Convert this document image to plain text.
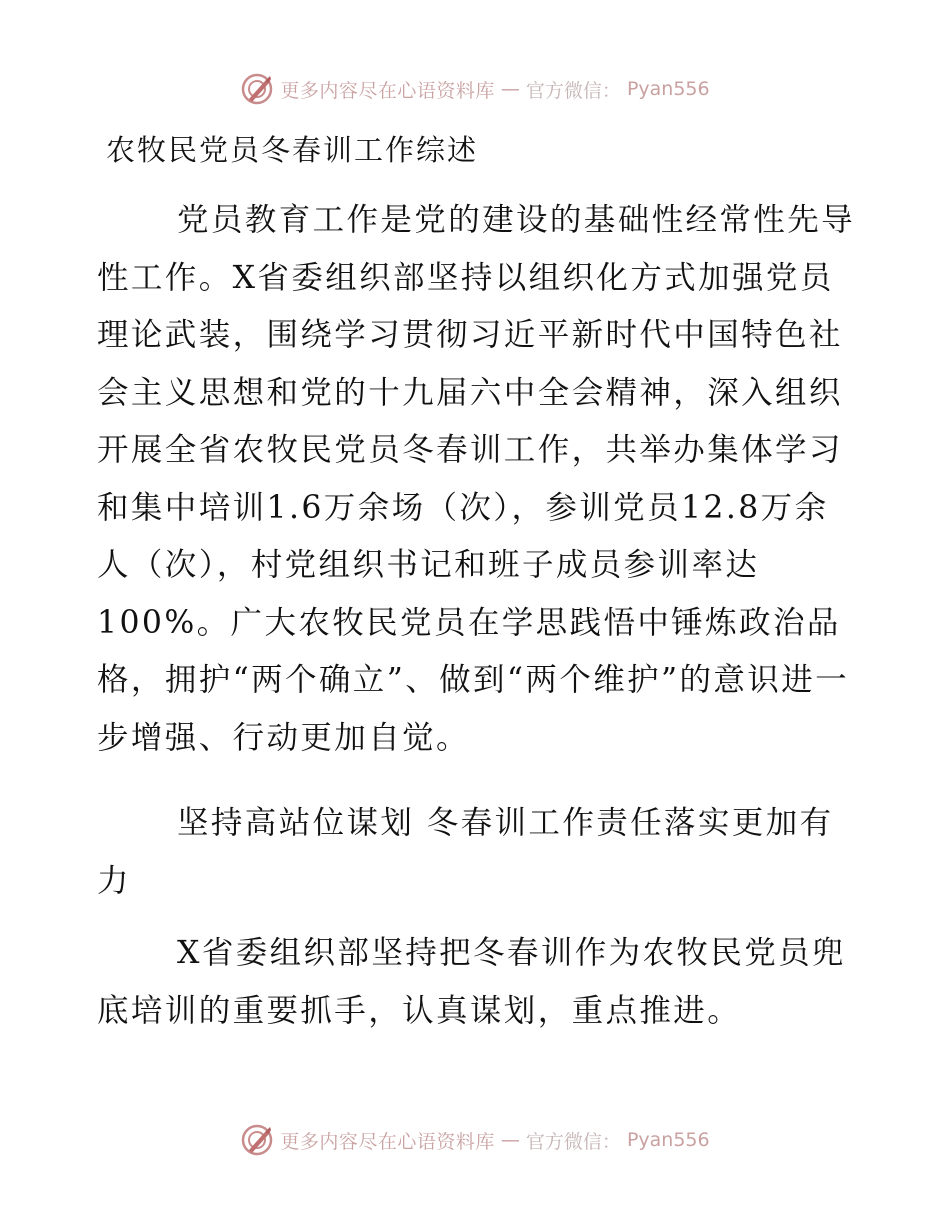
更多内容尽在心语资料库 — 官方微信： Pyan556
农牧民党员冬春训工作综述

党员教育工作是党的建设的基础性经常性先导性工作。X省委组织部坚持以组织化方式加强党员理论武装，围绕学习贯彻习近平新时代中国特色社会主义思想和党的十九届六中全会精神，深入组织开展全省农牧民党员冬春训工作，共举办集体学习和集中培训1.6万余场（次），参训党员12.8万余人（次），村党组织书记和班子成员参训率达100%。广大农牧民党员在学思践悟中锤炼政治品格，拥护“两个确立”、做到“两个维护”的意识进一步增强、行动更加自觉。

坚持高站位谋划 冬春训工作责任落实更加有力

X省委组织部坚持把冬春训作为农牧民党员兜底培训的重要抓手，认真谋划，重点推进。

更多内容尽在心语资料库 — 官方微信： Pyan556
